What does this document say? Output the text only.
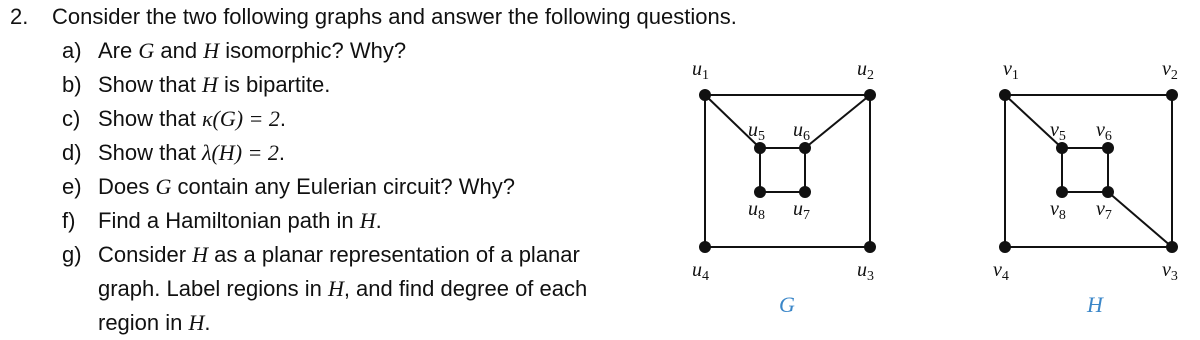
2. Consider the two following graphs and answer the following questions.
a) Are G and H isomorphic? Why?
b) Show that H is bipartite.
c) Show that κ(G) = 2.
d) Show that λ(H) = 2.
e) Does G contain any Eulerian circuit? Why?
f) Find a Hamiltonian path in H.
g) Consider H as a planar representation of a planar
graph. Label regions in H, and find degree of each
region in H.
$u_1$	$u_2$
$u_3$
$u_4$
$u_5$ $u_6$
$u_7$
$u_8$
$v_1$	$v_2$
$v_3$
$v_4$
$v_5$ $v_6$
$v_7$
$v_8$
G	H
